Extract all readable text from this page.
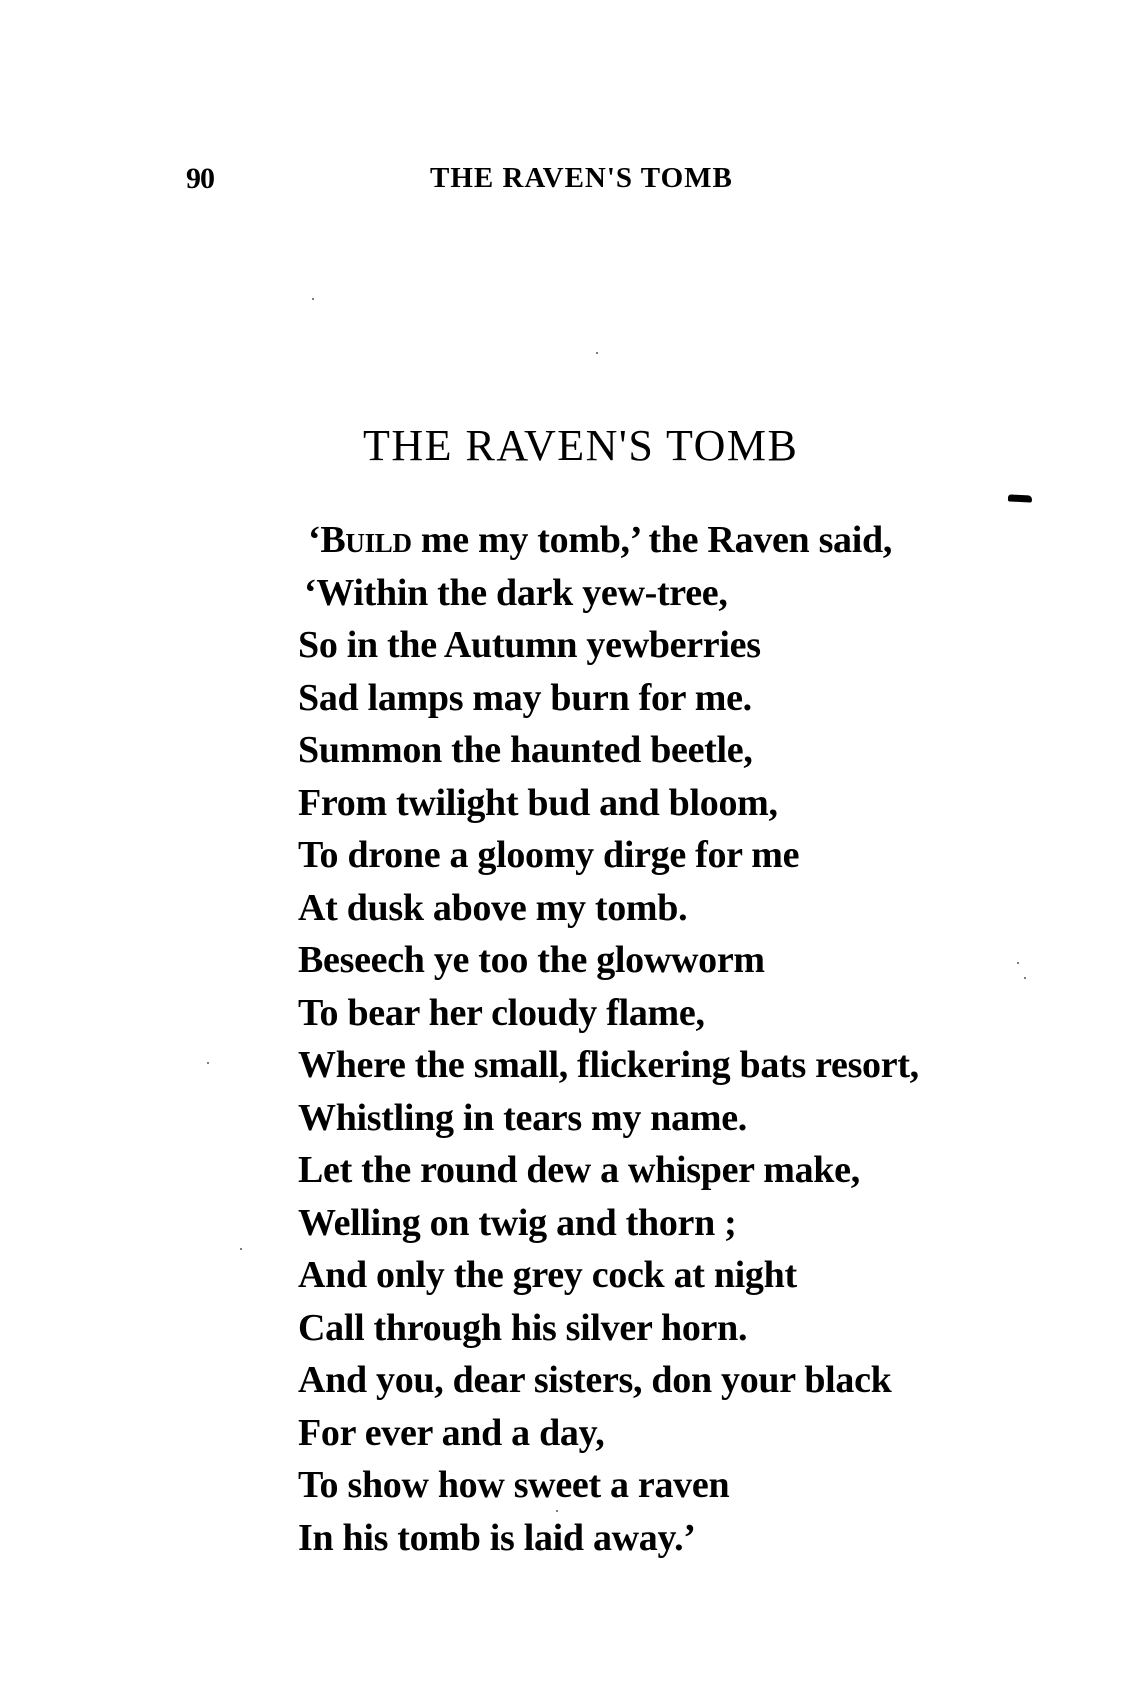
90	THE RAVEN'S TOMB
THE RAVEN'S TOMB
‘Build me my tomb,’ the Raven said,
‘Within the dark yew-tree,
So in the Autumn yewberries
Sad lamps may burn for me.
Summon the haunted beetle,
From twilight bud and bloom,
To drone a gloomy dirge for me
At dusk above my tomb.
Beseech ye too the glowworm
To bear her cloudy flame,
Where the small, flickering bats resort,
Whistling in tears my name.
Let the round dew a whisper make,
Welling on twig and thorn ;
And only the grey cock at night
Call through his silver horn.
And you, dear sisters, don your black
For ever and a day,
To show how sweet a raven
In his tomb is laid away.’
